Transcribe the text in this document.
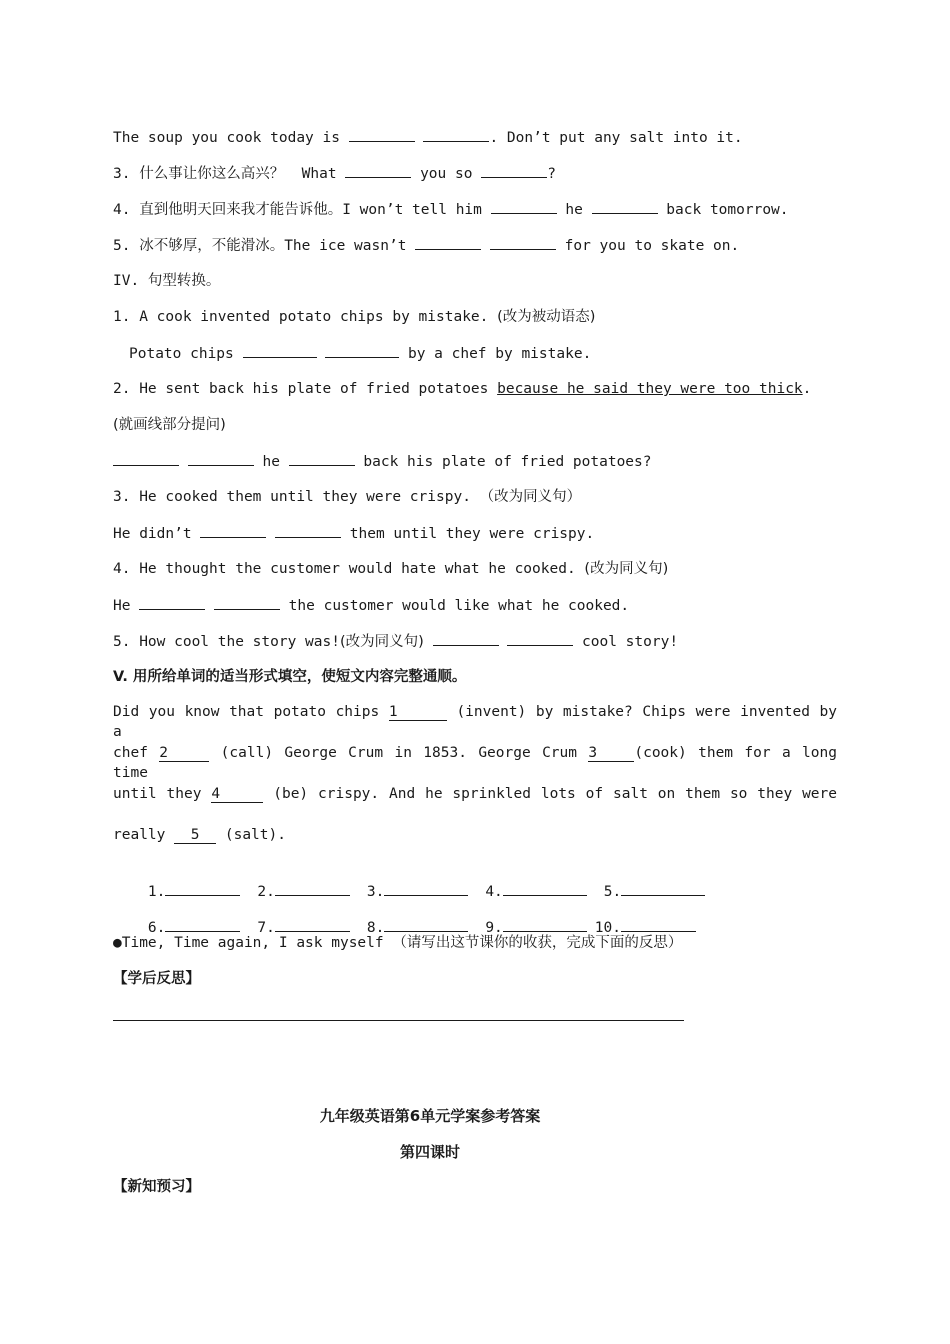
The soup you cook today is	. Don’t put any salt into it.
3. 什么事让你这么高兴？  What	you so	?
4. 直到他明天回来我才能告诉他。I won’t tell him	he	back tomorrow.
5. 冰不够厚，不能滑冰。The ice wasn’t	for you to skate on.
IV. 句型转换。
1. A cook invented potato chips by mistake. (改为被动语态)
Potato chips	by a chef by mistake.
2. He sent back his plate of fried potatoes because he said they were too thick.
(就画线部分提问)
he	back his plate of fried potatoes?
3. He cooked them until they were crispy. （改为同义句）
He didn’t	them until they were crispy.
4. He thought the customer would hate what he cooked. (改为同义句)
He	the customer would like what he cooked.
5. How cool the story was!(改为同义句)	cool story!
V. 用所给单词的适当形式填空，使短文内容完整通顺。
Did you know that potato chips 1	(invent) by mistake? Chips were invented by a
chef 2	(call) George Crum in 1853. George Crum 3	(cook) them for a long time
until they 4	(be) crispy. And he sprinkled lots of salt on them so they were
really 5 (salt).

1.	2.	3.	4.	5.

6.	7.	8.	9.	10.

●Time, Time again, I ask myself （请写出这节课你的收获，完成下面的反思）
【学后反思】
九年级英语第6单元学案参考答案
第四课时
【新知预习】
